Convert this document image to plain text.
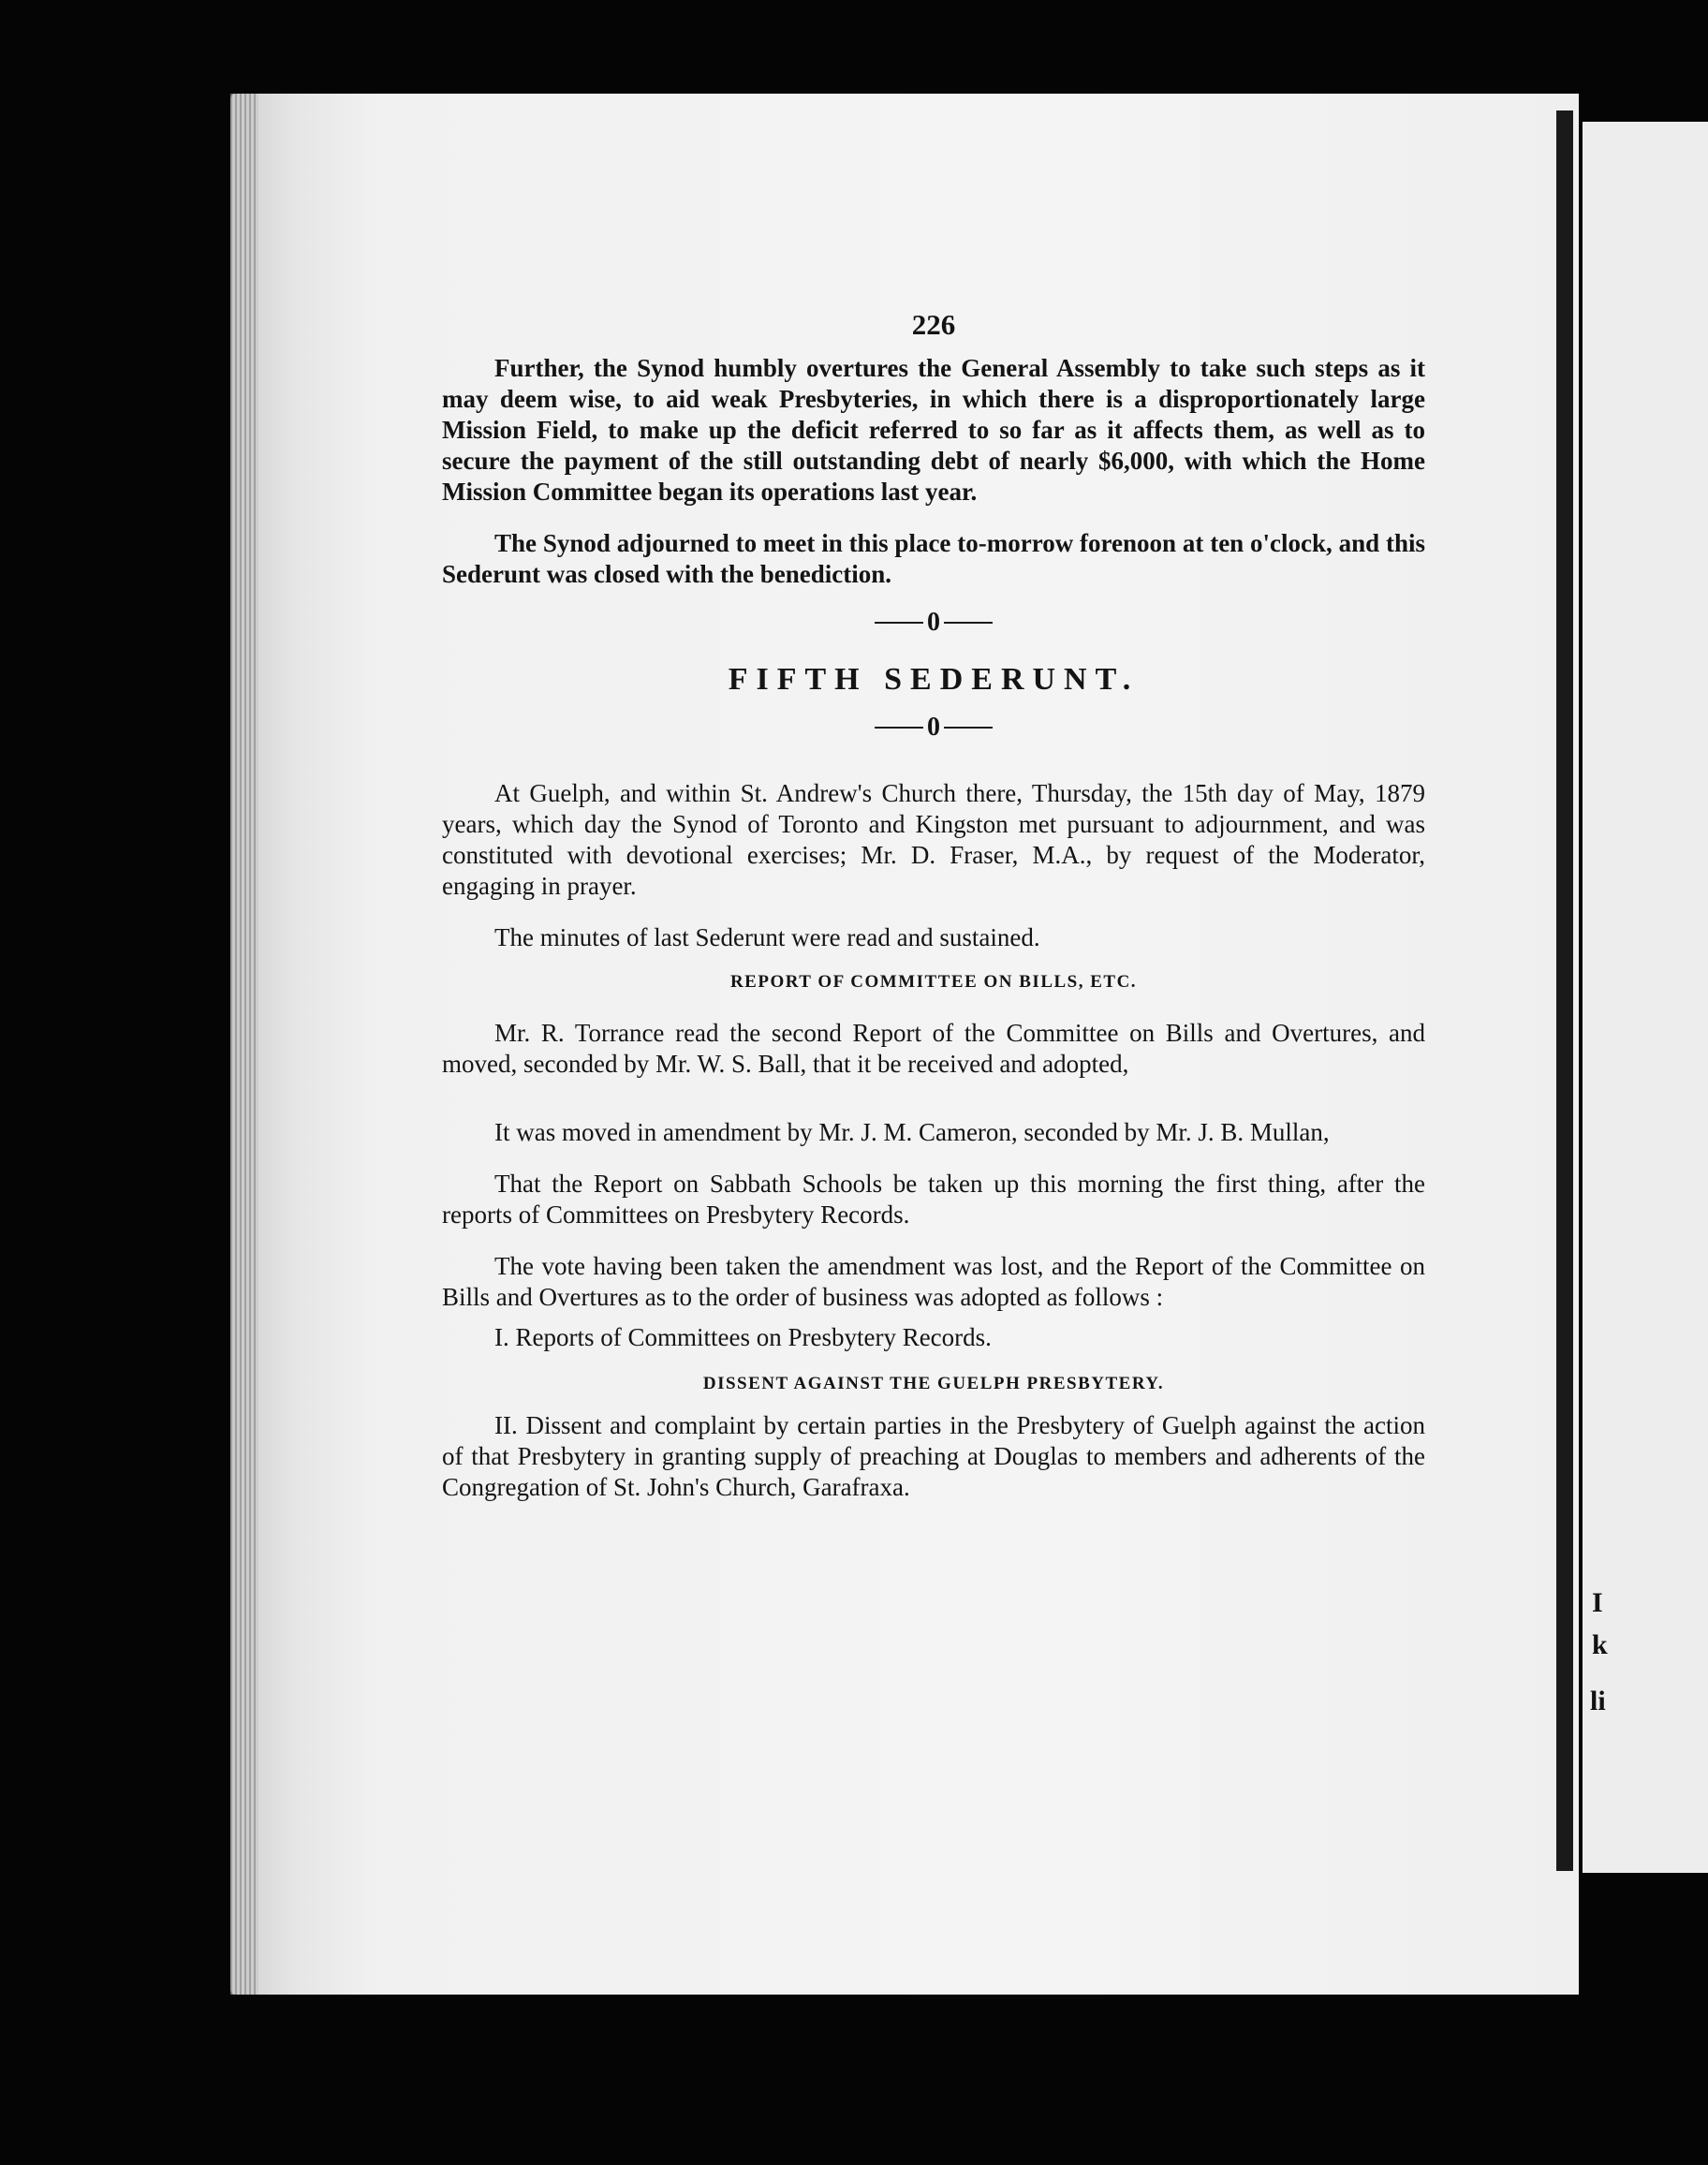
I
k
li
226

Further, the Synod humbly overtures the General Assembly to take such steps as it may deem wise, to aid weak Presbyteries, in which there is a disproportionately large Mission Field, to make up the deficit referred to so far as it affects them, as well as to secure the payment of the still outstanding debt of nearly $6,000, with which the Home Mission Committee began its operations last year.

The Synod adjourned to meet in this place to-morrow forenoon at ten o'clock, and this Sederunt was closed with the benediction.

0
FIFTH SEDERUNT.
0

At Guelph, and within St. Andrew's Church there, Thursday, the 15th day of May, 1879 years, which day the Synod of Toronto and Kingston met pursuant to adjournment, and was constituted with devotional exercises; Mr. D. Fraser, M.A., by request of the Moderator, engaging in prayer.

The minutes of last Sederunt were read and sustained.

REPORT OF COMMITTEE ON BILLS, ETC.

Mr. R. Torrance read the second Report of the Committee on Bills and Overtures, and moved, seconded by Mr. W. S. Ball, that it be received and adopted,

It was moved in amendment by Mr. J. M. Cameron, seconded by Mr. J. B. Mullan,

That the Report on Sabbath Schools be taken up this morning the first thing, after the reports of Committees on Presbytery Records.

The vote having been taken the amendment was lost, and the Report of the Committee on Bills and Overtures as to the order of business was adopted as follows :

I. Reports of Committees on Presbytery Records.

DISSENT AGAINST THE GUELPH PRESBYTERY.

II. Dissent and complaint by certain parties in the Presbytery of Guelph against the action of that Presbytery in granting supply of preaching at Douglas to members and adherents of the Congregation of St. John's Church, Garafraxa.
